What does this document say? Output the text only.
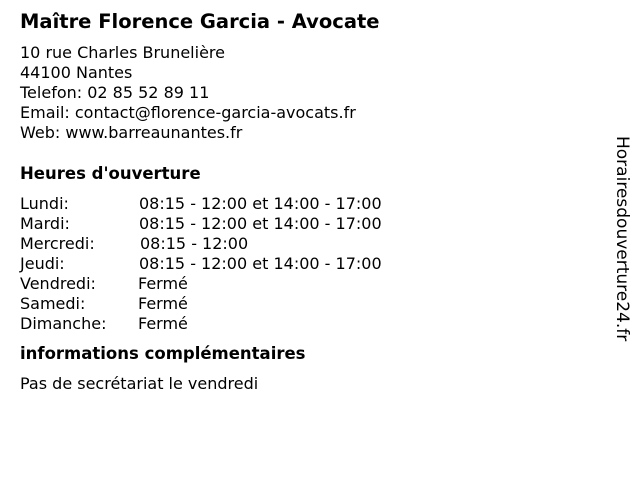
Maître Florence Garcia - Avocate
10 rue Charles Brunelière
44100 Nantes
Telefon: 02 85 52 89 11
Email: contact@florence-garcia-avocats.fr
Web: www.barreaunantes.fr
Heures d'ouverture
Lundi:	08:15 - 12:00 et 14:00 - 17:00
Mardi:	08:15 - 12:00 et 14:00 - 17:00
Mercredi:	08:15 - 12:00
Jeudi:	08:15 - 12:00 et 14:00 - 17:00
Vendredi:	Fermé
Samedi:	Fermé
Dimanche: Fermé
informations complémentaires
Pas de secrétariat le vendredi
Horairesdouverture24.fr
